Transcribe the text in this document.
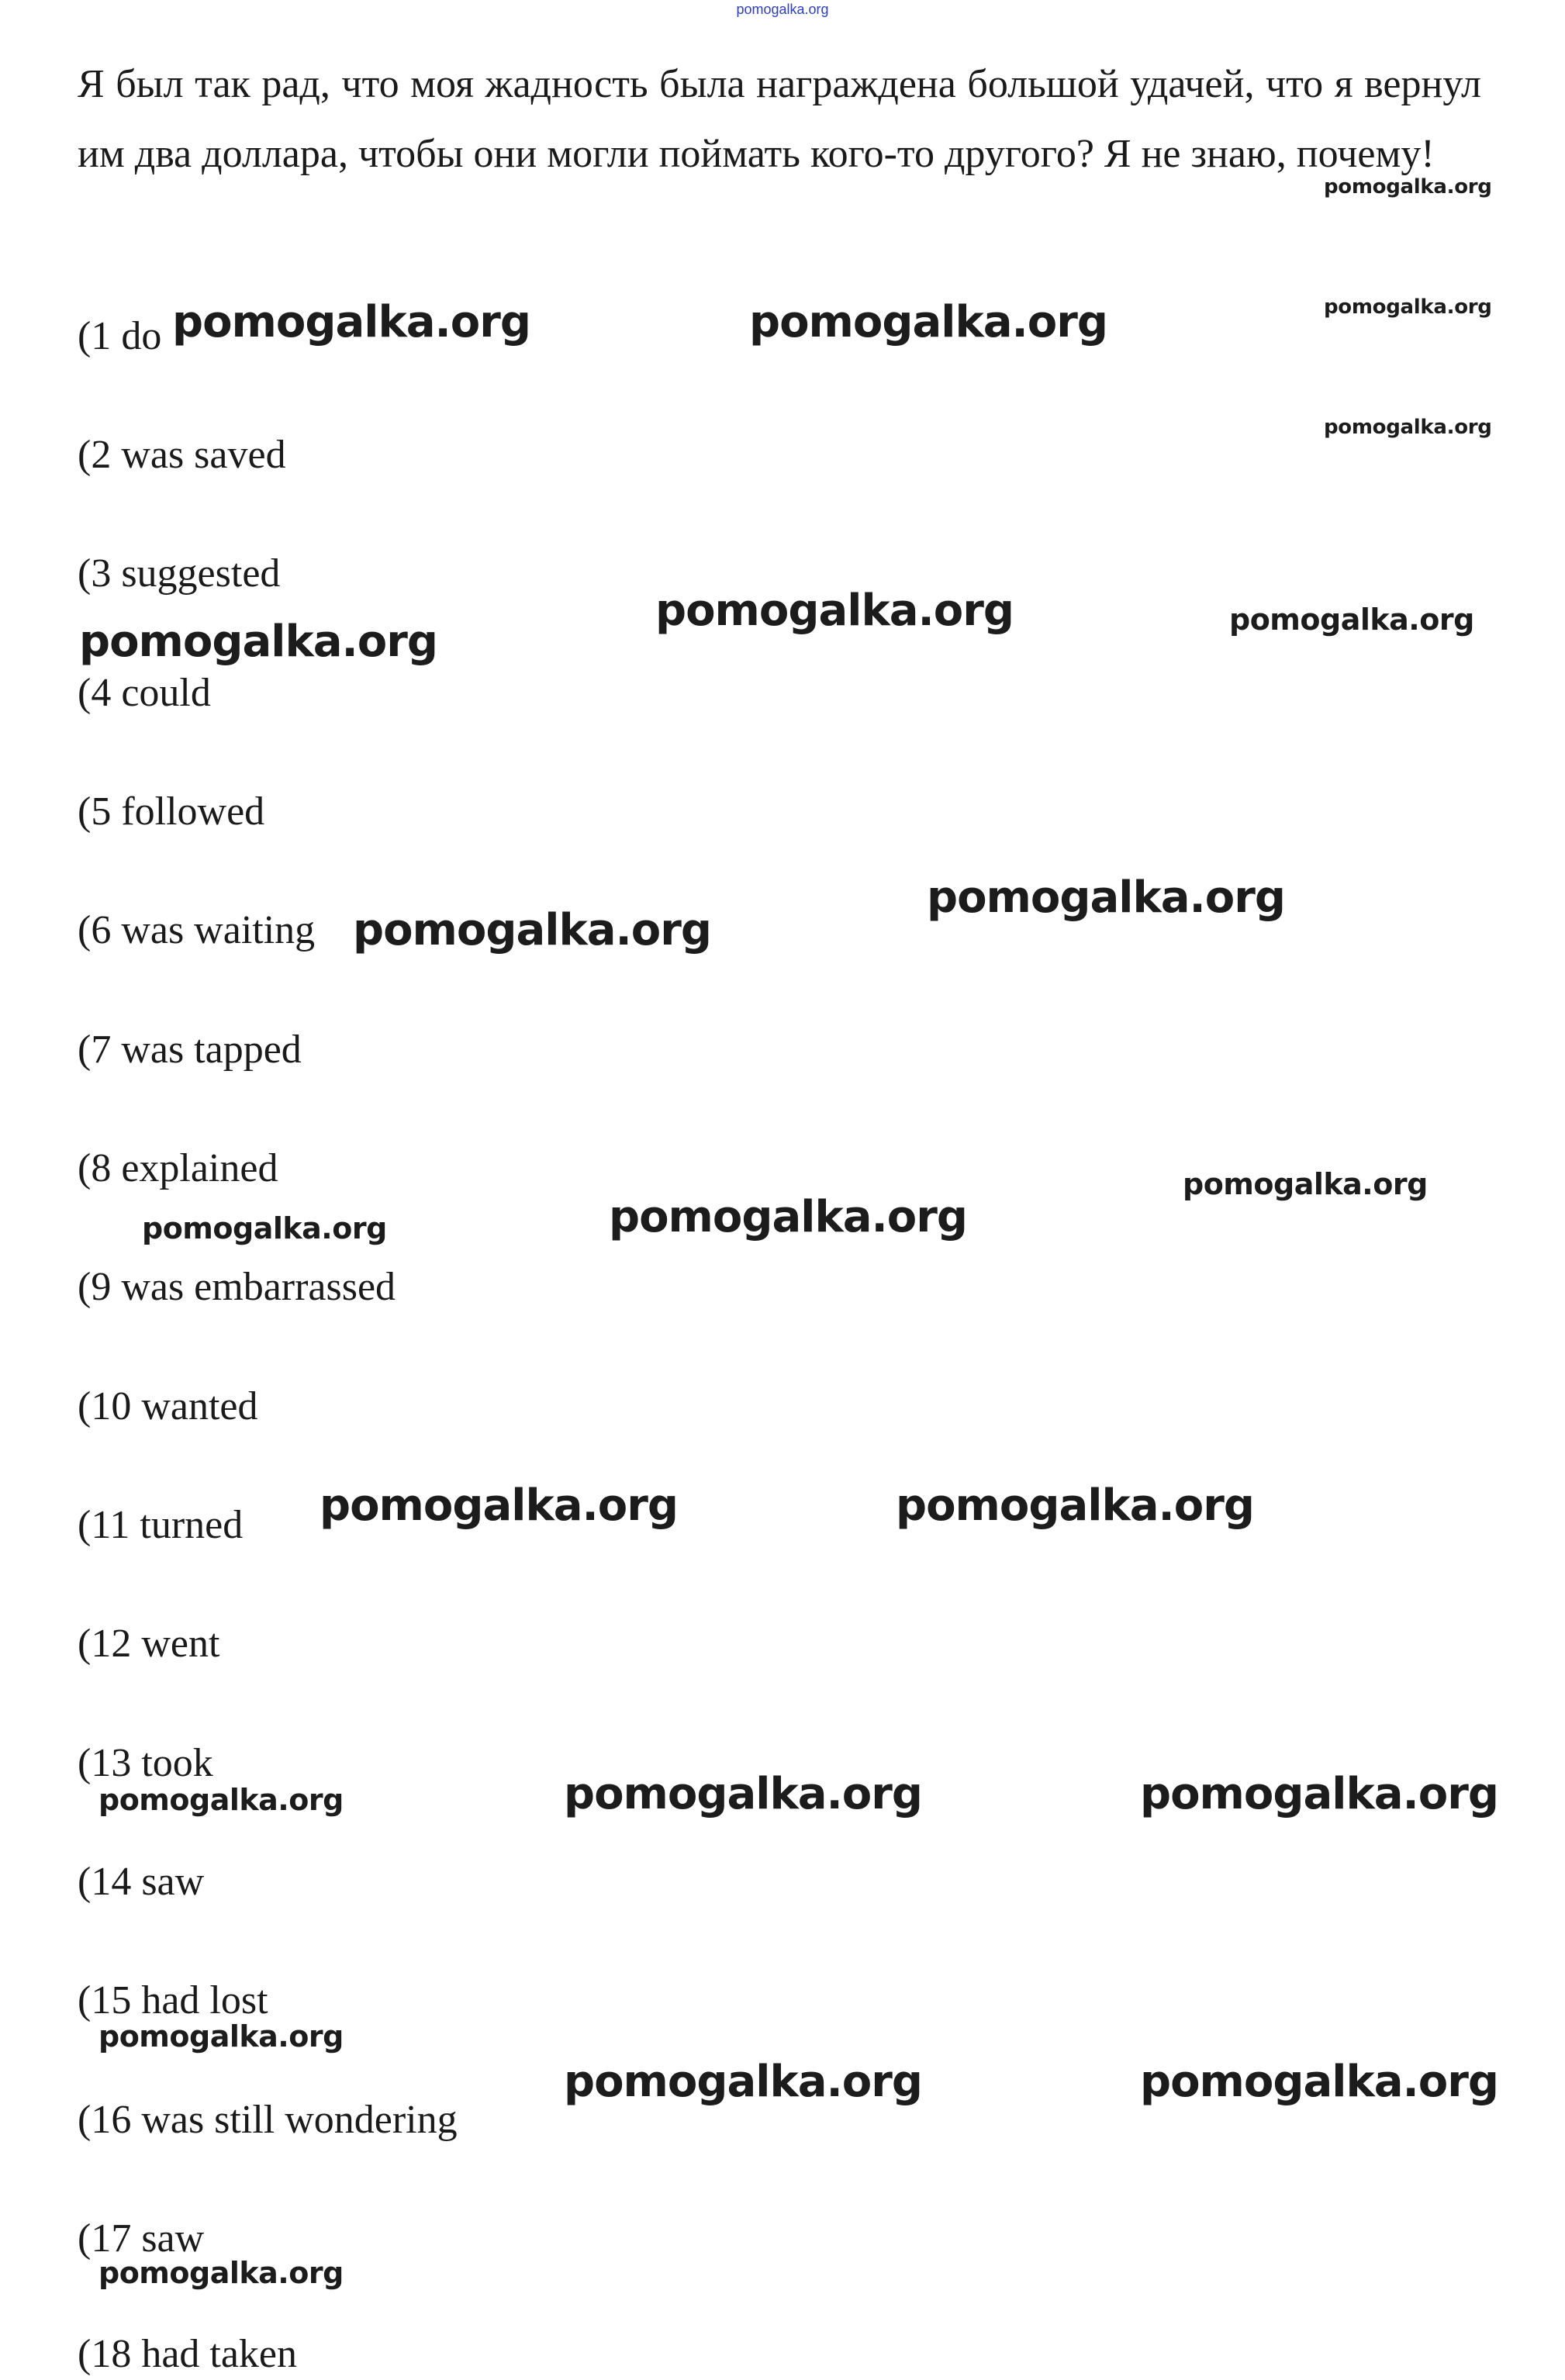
pomogalka.org

Я был так рад, что моя жадность была награждена большой удачей, что я вернул им два доллара, чтобы они могли поймать кого-то другого? Я не знаю, почему!

(1 do
(2 was saved
(3 suggested
(4 could
(5 followed
(6 was waiting
(7 was tapped
(8 explained
(9 was embarrassed
(10 wanted
(11 turned
(12 went
(13 took
(14 saw
(15 had lost
(16 was still wondering
(17 saw
(18 had taken
pomogalka.org
pomogalka.org	pomogalka.org	pomogalka.org
pomogalka.org
pomogalka.org	pomogalka.org
pomogalka.org
pomogalka.org
pomogalka.org
pomogalka.org
pomogalka.org
pomogalka.org
pomogalka.org	pomogalka.org
pomogalka.org	pomogalka.org	pomogalka.org
pomogalka.org
pomogalka.org	pomogalka.org
pomogalka.org
